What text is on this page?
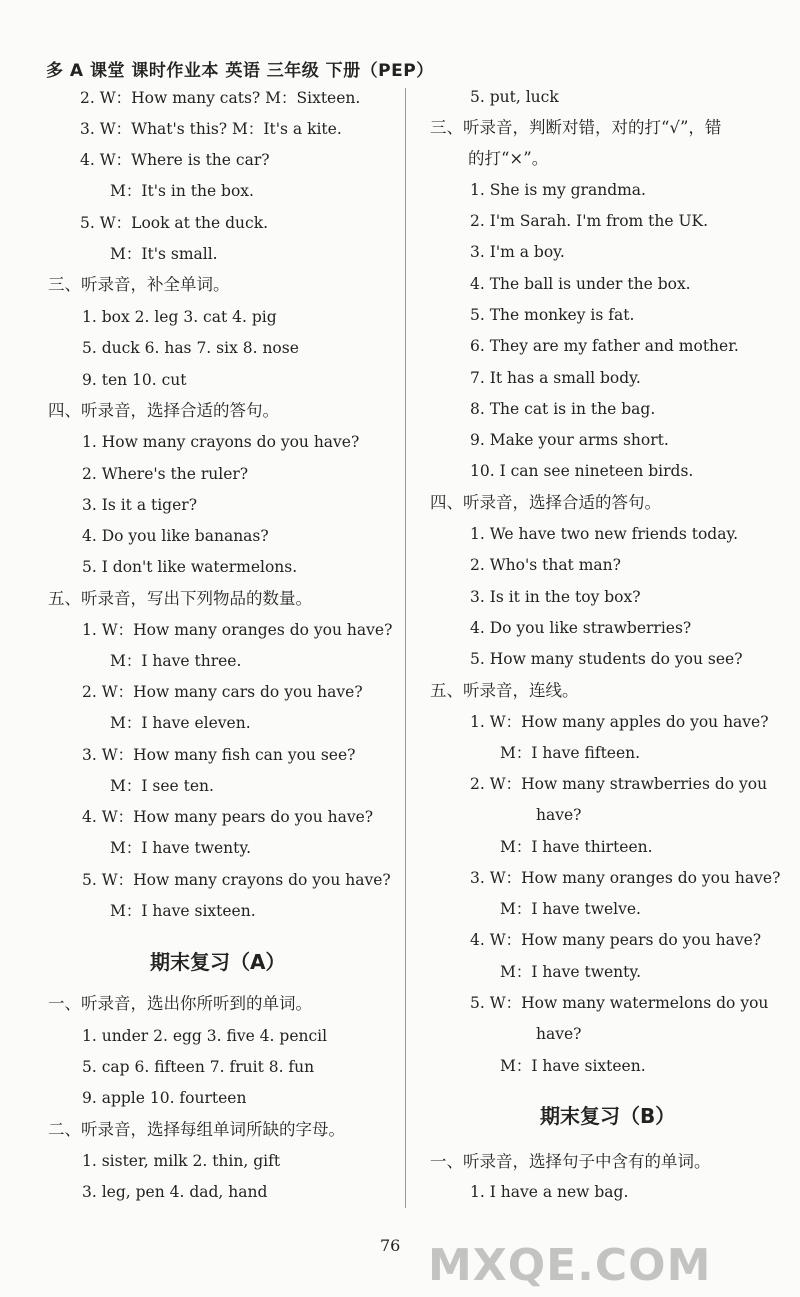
多 A 课堂 课时作业本 英语 三年级 下册（PEP）
2. W：How many cats? M：Sixteen.
3. W：What's this? M：It's a kite.
4. W：Where is the car?
M：It's in the box.
5. W：Look at the duck.
M：It's small.
三、听录音，补全单词。
1. box 2. leg 3. cat 4. pig
5. duck 6. has 7. six 8. nose
9. ten 10. cut
四、听录音，选择合适的答句。
1. How many crayons do you have?
2. Where's the ruler?
3. Is it a tiger?
4. Do you like bananas?
5. I don't like watermelons.
五、听录音，写出下列物品的数量。
1. W：How many oranges do you have?
M：I have three.
2. W：How many cars do you have?
M：I have eleven.
3. W：How many fish can you see?
M：I see ten.
4. W：How many pears do you have?
M：I have twenty.
5. W：How many crayons do you have?
M：I have sixteen.
期末复习（A）
一、听录音，选出你所听到的单词。
1. under 2. egg 3. five 4. pencil
5. cap 6. fifteen 7. fruit 8. fun
9. apple 10. fourteen
二、听录音，选择每组单词所缺的字母。
1. sister, milk 2. thin, gift
3. leg, pen 4. dad, hand
5. put, luck
三、听录音，判断对错，对的打“√”，错
的打“×”。
1. She is my grandma.
2. I'm Sarah. I'm from the UK.
3. I'm a boy.
4. The ball is under the box.
5. The monkey is fat.
6. They are my father and mother.
7. It has a small body.
8. The cat is in the bag.
9. Make your arms short.
10. I can see nineteen birds.
四、听录音，选择合适的答句。
1. We have two new friends today.
2. Who's that man?
3. Is it in the toy box?
4. Do you like strawberries?
5. How many students do you see?
五、听录音，连线。
1. W：How many apples do you have?
M：I have fifteen.
2. W：How many strawberries do you
have?
M：I have thirteen.
3. W：How many oranges do you have?
M：I have twelve.
4. W：How many pears do you have?
M：I have twenty.
5. W：How many watermelons do you
have?
M：I have sixteen.
期末复习（B）
一、听录音，选择句子中含有的单词。
1. I have a new bag.
76 MXQE.COM
